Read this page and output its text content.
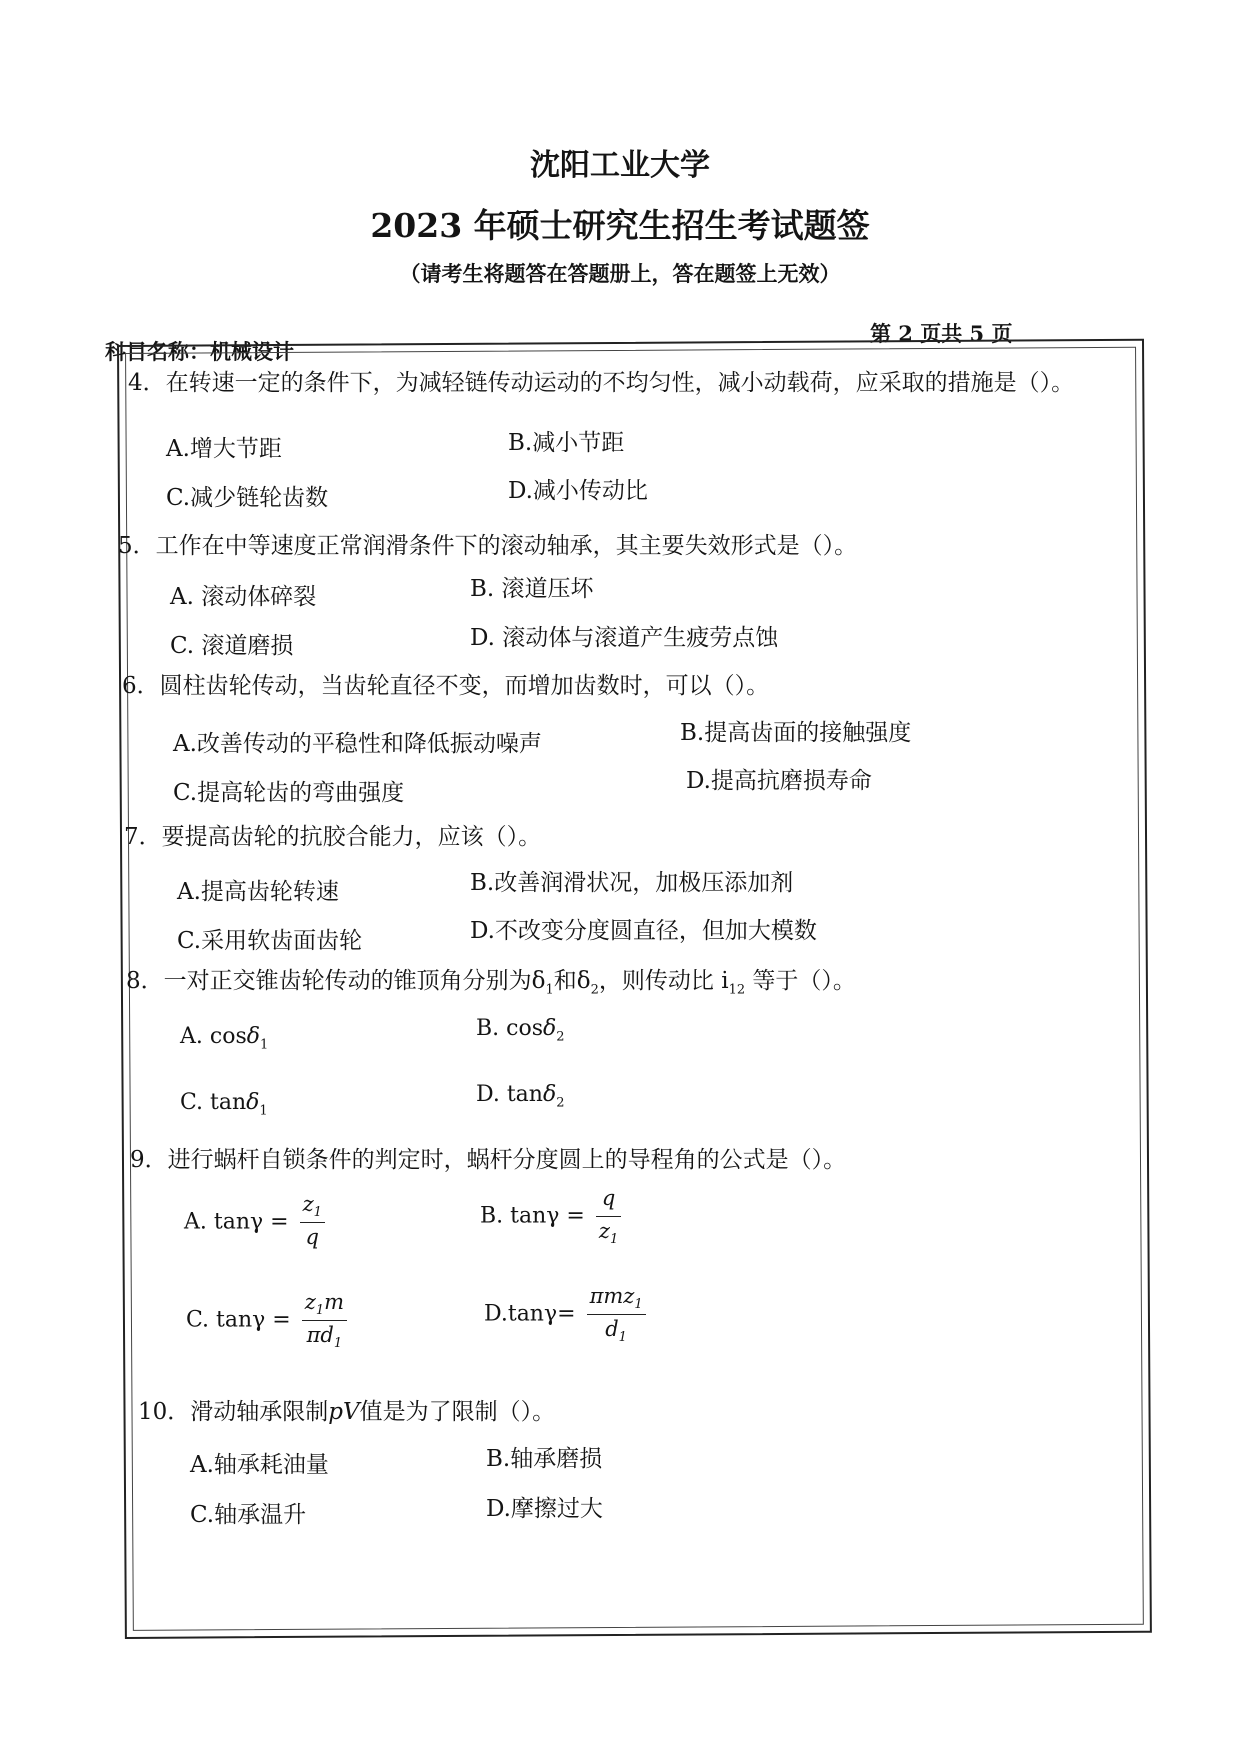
沈阳工业大学
2023 年硕士研究生招生考试题签
（请考生将题答在答题册上，答在题签上无效）
科目名称：机械设计
第 2 页共 5 页
4．在转速一定的条件下，为减轻链传动运动的不均匀性，减小动载荷，应采取的措施是（）。
A.增大节距	B.减小节距
C.减少链轮齿数	D.减小传动比
5．工作在中等速度正常润滑条件下的滚动轴承，其主要失效形式是（）。
A. 滚动体碎裂	B. 滚道压坏
C. 滚道磨损	D. 滚动体与滚道产生疲劳点蚀
6．圆柱齿轮传动，当齿轮直径不变，而增加齿数时，可以（）。
A.改善传动的平稳性和降低振动噪声	B.提高齿面的接触强度
C.提高轮齿的弯曲强度	D.提高抗磨损寿命
7．要提高齿轮的抗胶合能力，应该（）。
A.提高齿轮转速	B.改善润滑状况，加极压添加剂
C.采用软齿面齿轮	D.不改变分度圆直径，但加大模数
8．一对正交锥齿轮传动的锥顶角分别为$\delta_1$和$\delta_2$，则传动比 $i_{12}$ 等于（）。
A. cosδ$_1$
B. cosδ$_2$
C. tanδ$_1$
D. tanδ$_2$
9．进行蜗杆自锁条件的判定时，蜗杆分度圆上的导程角的公式是（）。
A. $\tan\gamma = \frac{z_1}{q}$	B. $\tan\gamma = \frac{q}{z_1}$
C. $\tan\gamma = \frac{z_1m}{\pi d_1}$	$D.\tan\gamma= \frac{\pi mz_1}{d_1}$
10．滑动轴承限制pV值是为了限制（）。
A.轴承耗油量	B.轴承磨损
C.轴承温升	D.摩擦过大
